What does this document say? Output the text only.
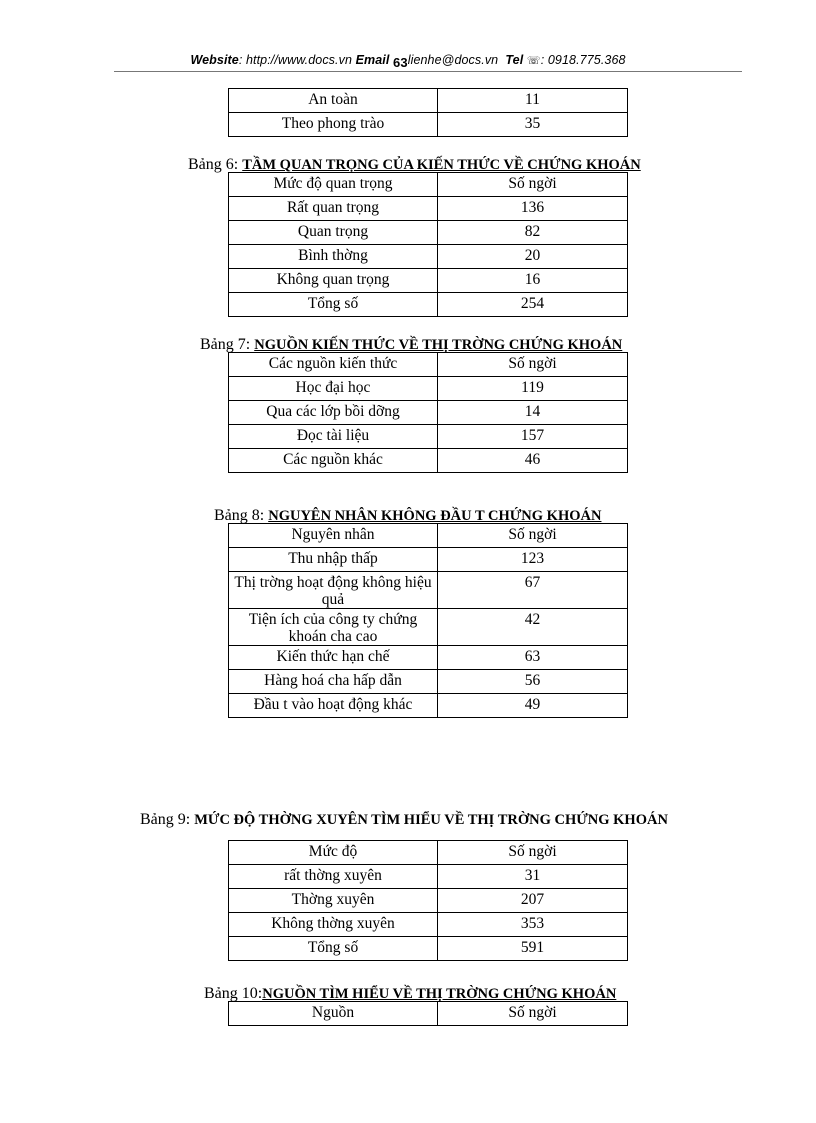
Website: http://www.docs.vn Email 63lienhe@docs.vn Tel ☏: 0918.775.368
An toàn	11
Theo phong trào	35
Bảng 6: TẦM QUAN TRỌNG CỦA KIẾN THỨC VỀ CHỨNG KHOÁN
Mức độ quan trọng	Số ngời
Rất quan trọng	136
Quan trọng	82
Bình thờng	20
Không quan trọng	16
Tổng số	254
Bảng 7: NGUỒN KIẾN THỨC VỀ THỊ TRỜNG CHỨNG KHOÁN
Các nguồn kiến thức	Số ngời
Học đại học	119
Qua các lớp bồi dỡng	14
Đọc tài liệu	157
Các nguồn khác	46
Bảng 8: NGUYÊN NHÂN KHÔNG ĐẦU T CHỨNG KHOÁN
Nguyên nhân	Số ngời
Thu nhập thấp	123
Thị trờng hoạt động không hiệu quả	67
Tiện ích của công ty chứng khoán cha cao	42
Kiến thức hạn chế	63
Hàng hoá cha hấp dẫn	56
Đầu t vào hoạt động khác	49
Bảng 9: MỨC ĐỘ THỜNG XUYÊN TÌM HIỂU VỀ THỊ TRỜNG CHỨNG KHOÁN
Mức độ	Số ngời
rất thờng xuyên	31
Thờng xuyên	207
Không thờng xuyên	353
Tổng số	591
Bảng 10:NGUỒN TÌM HIỂU VỀ THỊ TRỜNG CHỨNG KHOÁN
Nguồn	Số ngời
